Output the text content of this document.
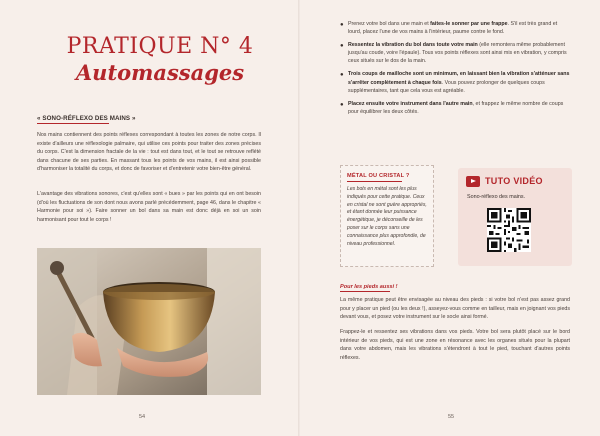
PRATIQUE N° 4
Automassages
« SONO-RÉFLEXO DES MAINS »

Nos mains contiennent des points réflexes correspondant à toutes les zones de notre corps. Il existe d'ailleurs une réflexologie palmaire, qui utilise ces points pour traiter des zones précises du corps. C'est la dimension fractale de la vie : tout est dans tout, et le tout se retrouve reflété dans chacune de ses parties. En massant tous les points de vos mains, il est ainsi possible d'harmoniser la totalité du corps, et donc de favoriser et d'entretenir votre bien-être général.

L'avantage des vibrations sonores, c'est qu'elles sont « bues » par les points qui en ont besoin (d'où les fluctuations de son dont nous avons parlé précédemment, page 46, dans le chapitre « Harmonie pour soi »). Faire sonner un bol dans sa main est donc déjà en soi un soin harmonisant pour tout le corps !

54
● Prenez votre bol dans une main et faites-le sonner par une frappe. S'il est très grand et lourd, placez l'une de vos mains à l'intérieur, paume contre le fond.
● Ressentez la vibration du bol dans toute votre main (elle remontera même probablement jusqu'au coude, voire l'épaule). Tous vos points réflexes sont ainsi mis en vibration, y compris ceux situés sur le dos de la main.
● Trois coups de mailloche sont un minimum, en laissant bien la vibration s'atténuer sans s'arrêter complètement à chaque fois. Vous pouvez prolonger de quelques coups supplémentaires, tant que cela vous est agréable.
● Placez ensuite votre instrument dans l'autre main, et frappez le même nombre de coups pour équilibrer les deux côtés.
MÉTAL OU CRISTAL ?

Les bols en métal sont les plus indiqués pour cette pratique. Ceux en cristal ne sont guère appropriés, et étant donnée leur puissance énergétique, je déconseille de les poser sur le corps sans une connaissance plus approfondie, de niveau professionnel.

TUTO VIDÉO
Sono-réflexo des mains.
Pour les pieds aussi !

La même pratique peut être envisagée au niveau des pieds : si votre bol n'est pas assez grand pour y placer un pied (ou les deux !), asseyez-vous comme en tailleur, mais en joignant vos pieds devant vous, et posez votre instrument sur le socle ainsi formé.

Frappez-le et ressentez ses vibrations dans vos pieds. Votre bol sera plutôt placé sur le bord intérieur de vos pieds, qui est une zone en résonance avec les organes situés pour la plupart dans votre abdomen, mais les vibrations s'étendront à tout le pied, touchant d'autres points réflexes.

55
